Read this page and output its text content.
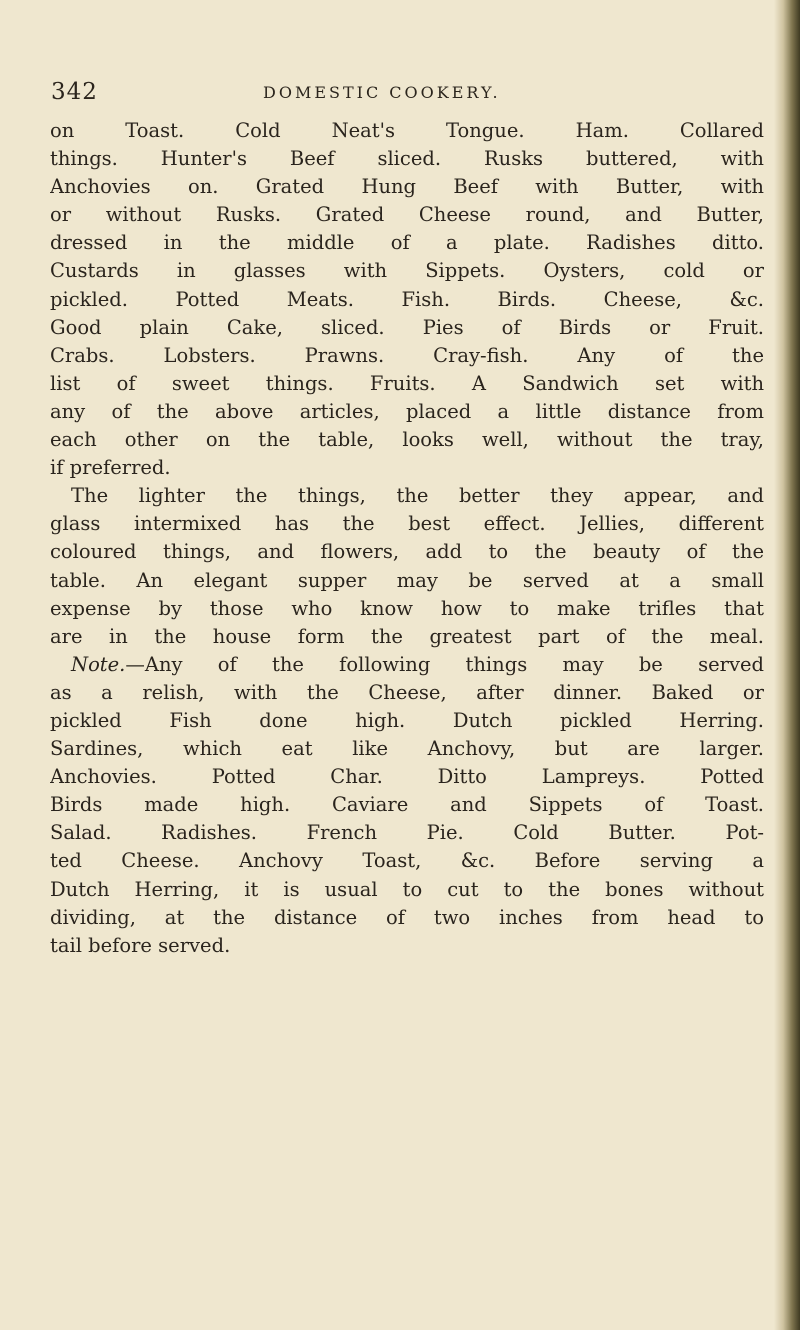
342	DOMESTIC COOKERY.
on Toast. Cold Neat's Tongue. Ham. Collared
things. Hunter's Beef sliced. Rusks buttered, with
Anchovies on. Grated Hung Beef with Butter, with
or without Rusks. Grated Cheese round, and Butter,
dressed in the middle of a plate. Radishes ditto.
Custards in glasses with Sippets. Oysters, cold or
pickled. Potted Meats. Fish. Birds. Cheese, &c.
Good plain Cake, sliced. Pies of Birds or Fruit.
Crabs. Lobsters. Prawns. Cray-fish. Any of the
list of sweet things. Fruits. A Sandwich set with
any of the above articles, placed a little distance from
each other on the table, looks well, without the tray,
if preferred.
The lighter the things, the better they appear, and
glass intermixed has the best effect. Jellies, different
coloured things, and flowers, add to the beauty of the
table. An elegant supper may be served at a small
expense by those who know how to make trifles that
are in the house form the greatest part of the meal.
Note.—Any of the following things may be served
as a relish, with the Cheese, after dinner. Baked or
pickled Fish done high. Dutch pickled Herring.
Sardines, which eat like Anchovy, but are larger.
Anchovies. Potted Char. Ditto Lampreys. Potted
Birds made high. Caviare and Sippets of Toast.
Salad. Radishes. French Pie. Cold Butter. Pot-
ted Cheese. Anchovy Toast, &c. Before serving a
Dutch Herring, it is usual to cut to the bones without
dividing, at the distance of two inches from head to
tail before served.
